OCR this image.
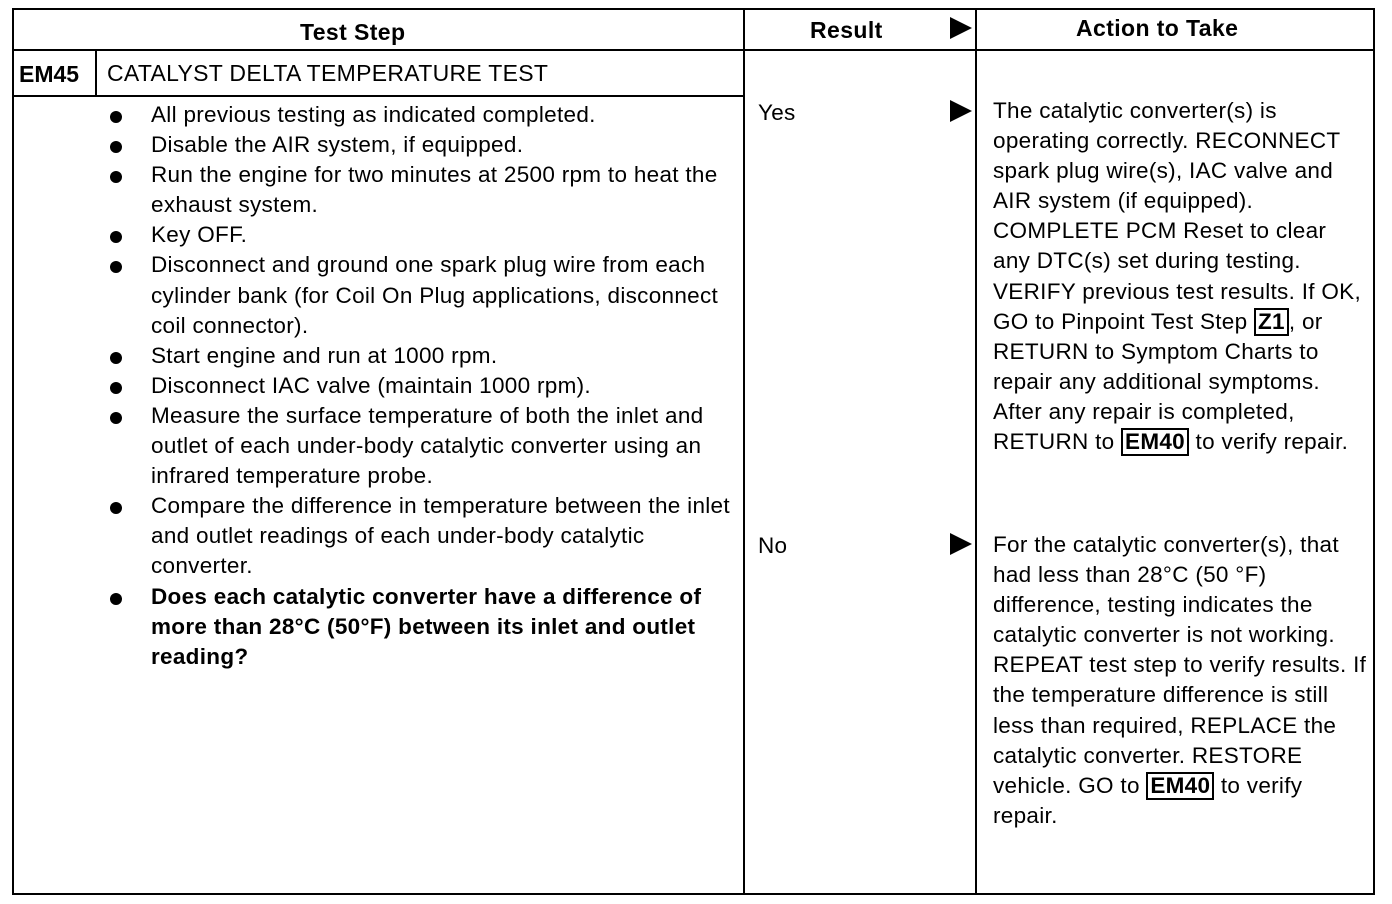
Test Step	Result	Action to Take
EM45 CATALYST DELTA TEMPERATURE TEST
All previous testing as indicated completed.
Disable the AIR system, if equipped.
Run the engine for two minutes at 2500 rpm to heat the exhaust system.
Key OFF.
Disconnect and ground one spark plug wire from each cylinder bank (for Coil On Plug applications, disconnect coil connector).
Start engine and run at 1000 rpm.
Disconnect IAC valve (maintain 1000 rpm).
Measure the surface temperature of both the inlet and outlet of each under-body catalytic converter using an infrared temperature probe.
Compare the difference in temperature between the inlet and outlet readings of each under-body catalytic converter.
Does each catalytic converter have a difference of more than 28°C (50°F) between its inlet and outlet reading?
Yes	The catalytic converter(s) is operating correctly. RECONNECT spark plug wire(s), IAC valve and AIR system (if equipped). COMPLETE PCM Reset to clear any DTC(s) set during testing. VERIFY previous test results. If OK, GO to Pinpoint Test Step Z1 , or RETURN to Symptom Charts to repair any additional symptoms. After any repair is completed, RETURN to EM40 to verify repair.
No	For the catalytic converter(s), that had less than 28°C (50 °F) difference, testing indicates the catalytic converter is not working. REPEAT test step to verify results. If the temperature difference is still less than required, REPLACE the catalytic converter. RESTORE vehicle. GO to EM40 to verify repair.
